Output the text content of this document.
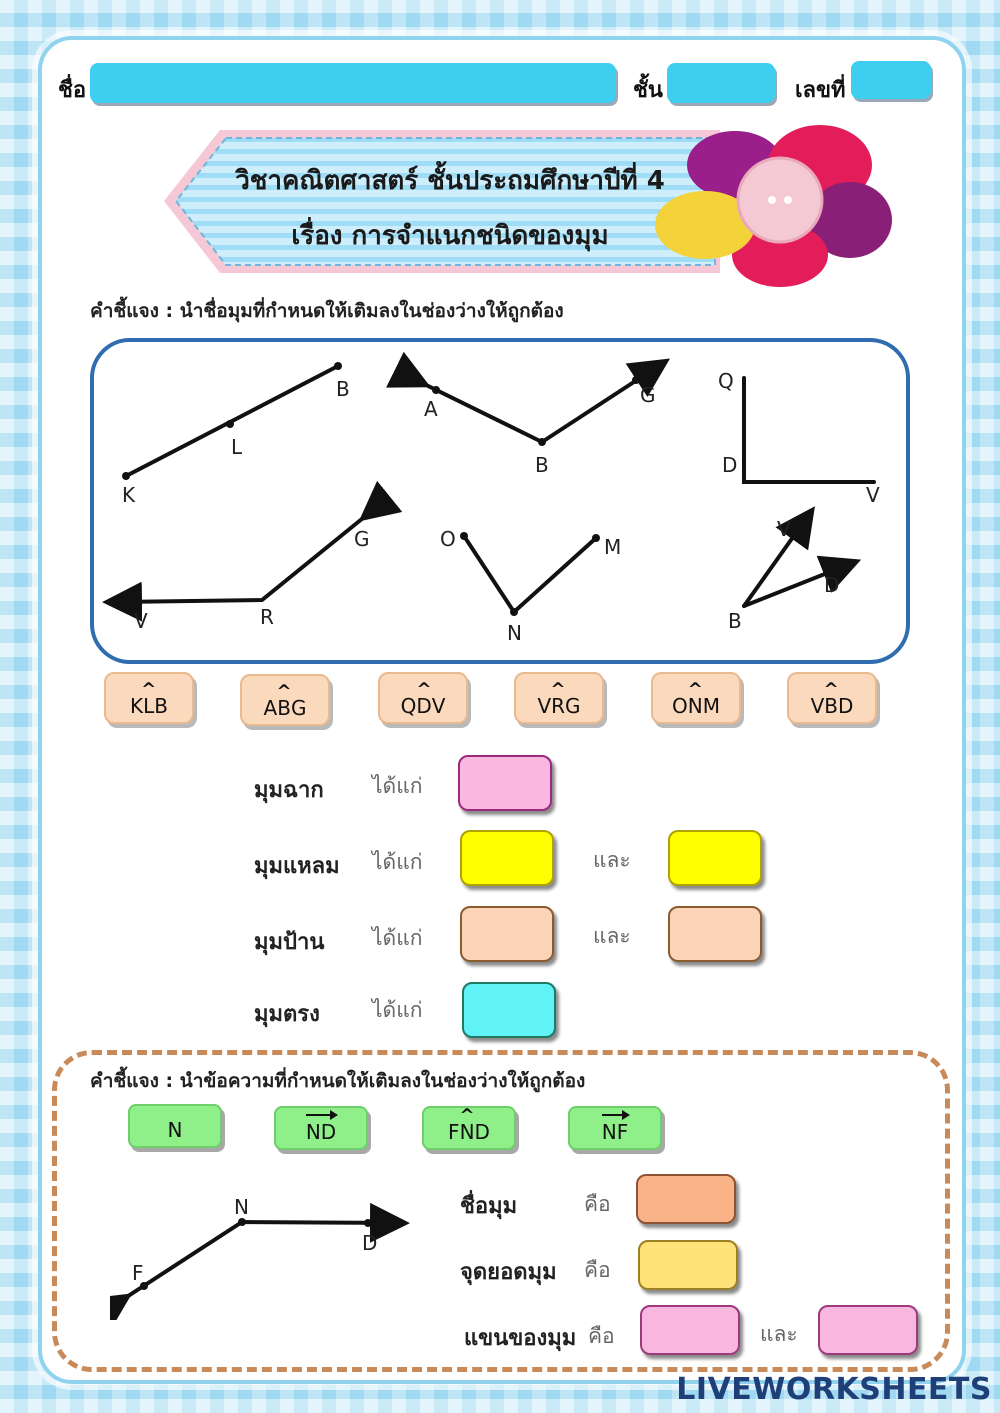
ชื่อ	ชั้น	เลขที่
วิชาคณิตศาสตร์ ชั้นประถมศึกษาปีที่ 4
เรื่อง การจำแนกชนิดของมุม
คำชี้แจง : นำชื่อมุมที่กำหนดให้เติมลงในช่องว่างให้ถูกต้อง
B
L
K
A
G
B
Q
D
V
G
V	R
O	M
N
V
D
B
K ^ L B	A ^ B G	Q ^ D V	V ^ R G	O ^ N M	V ^ B D
มุมฉาก ได้แก่
มุมแหลม ได้แก่	และ
มุมป้าน ได้แก่	และ
มุมตรง ได้แก่
คำชี้แจง : นำข้อความที่กำหนดให้เติมลงในช่องว่างให้ถูกต้อง
N	ND	F ^ N D	NF
N
D
F
ชื่อมุม	คือ
จุดยอดมุม คือ
แขนของมุม คือ	และ
LIVEWORKSHEETS
